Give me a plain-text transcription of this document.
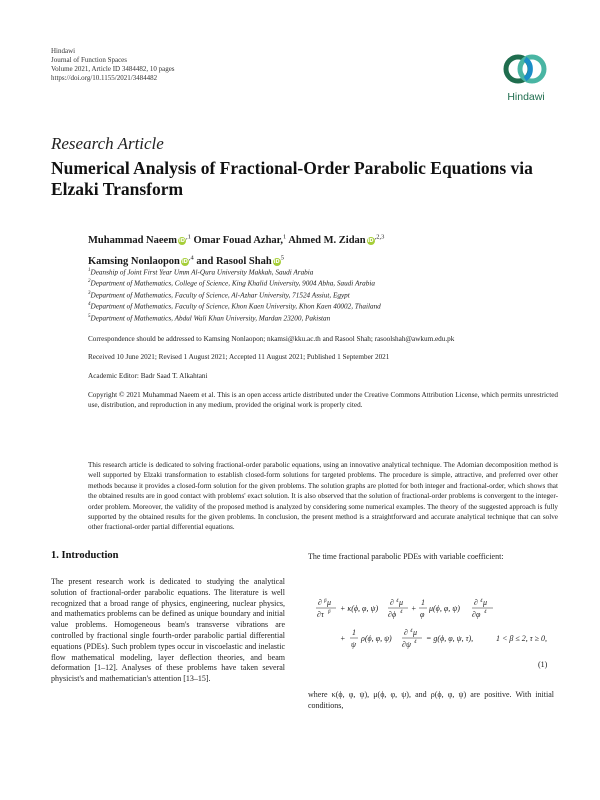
Hindawi
Journal of Function Spaces
Volume 2021, Article ID 3484482, 10 pages
https://doi.org/10.1155/2021/3484482
Hindawi
Research Article
Numerical Analysis of Fractional-Order Parabolic Equations via Elzaki Transform
Muhammad Naeem $iD^{,1}$ Omar Fouad Azhar,$^1$ Ahmed M. Zidan $iD^{,2,3}$
Kamsing Nonlaopon $iD^{,4}$ and Rasool Shah $iD^5$
$^1$Deanship of Joint First Year Umm Al-Qura University Makkah, Saudi Arabia
$^2$Department of Mathematics, College of Science, King Khalid University, 9004 Abha, Saudi Arabia
$^3$Department of Mathematics, Faculty of Science, Al-Azhar University, 71524 Assiut, Egypt
$^4$Department of Mathematics, Faculty of Science, Khon Kaen University, Khon Kaen 40002, Thailand
$^5$Department of Mathematics, Abdul Wali Khan University, Mardan 23200, Pakistan
Correspondence should be addressed to Kamsing Nonlaopon; nkamsi@kku.ac.th and Rasool Shah; rasoolshah@awkum.edu.pk
Received 10 June 2021; Revised 1 August 2021; Accepted 11 August 2021; Published 1 September 2021
Academic Editor: Badr Saad T. Alkahtani
Copyright © 2021 Muhammad Naeem et al. This is an open access article distributed under the Creative Commons Attribution License, which permits unrestricted use, distribution, and reproduction in any medium, provided the original work is properly cited.
This research article is dedicated to solving fractional-order parabolic equations, using an innovative analytical technique. The Adomian decomposition method is well supported by Elzaki transformation to establish closed-form solutions for targeted problems. The procedure is simple, attractive, and preferred over other methods because it provides a closed-form solution for the given problems. The solution graphs are plotted for both integer and fractional-order, which shows that the obtained results are in good contact with problems' exact solution. It is also observed that the solution of fractional-order problems is convergent to the integer-order problem. Moreover, the validity of the proposed method is analyzed by considering some numerical examples. The theory of the suggested approach is fully supported by the obtained results for the given problems. In conclusion, the present method is a straightforward and accurate analytical technique that can solve other fractional-order partial differential equations.
1. Introduction
The present research work is dedicated to studying the analytical solution of fractional-order parabolic equations. The literature is well recognized that a broad range of physics, engineering, nuclear physics, and mathematics problems can be defined as unique boundary and initial value problems. Homogeneous beam's transverse vibrations are controlled by fractional single fourth-order parabolic partial differential equations (PDEs). Such problem types occur in viscoelastic and inelastic flow mathematical modeling, layer deflection theories, and beam deformation [1–12]. Analyses of these problems have taken several physicist's and mathematician's attention [13–15].
The time fractional parabolic PDEs with variable coefficient:
∂ β μ
∂τ β + κ(ϕ, φ, ψ)
∂ 4 μ
∂ϕ 4 +
1
φ
μ(ϕ, φ, ψ)
∂ 4 μ
∂φ 4
+
1
ψ
ρ(ϕ, φ, ψ)
∂ 4 μ
∂ψ 4 = g(ϕ, φ, ψ, τ),	1 < β ≤ 2, τ ≥ 0,
(1)
where κ(ϕ, φ, ψ), μ(ϕ, φ, ψ), and ρ(ϕ, φ, ψ) are positive. With initial conditions,
